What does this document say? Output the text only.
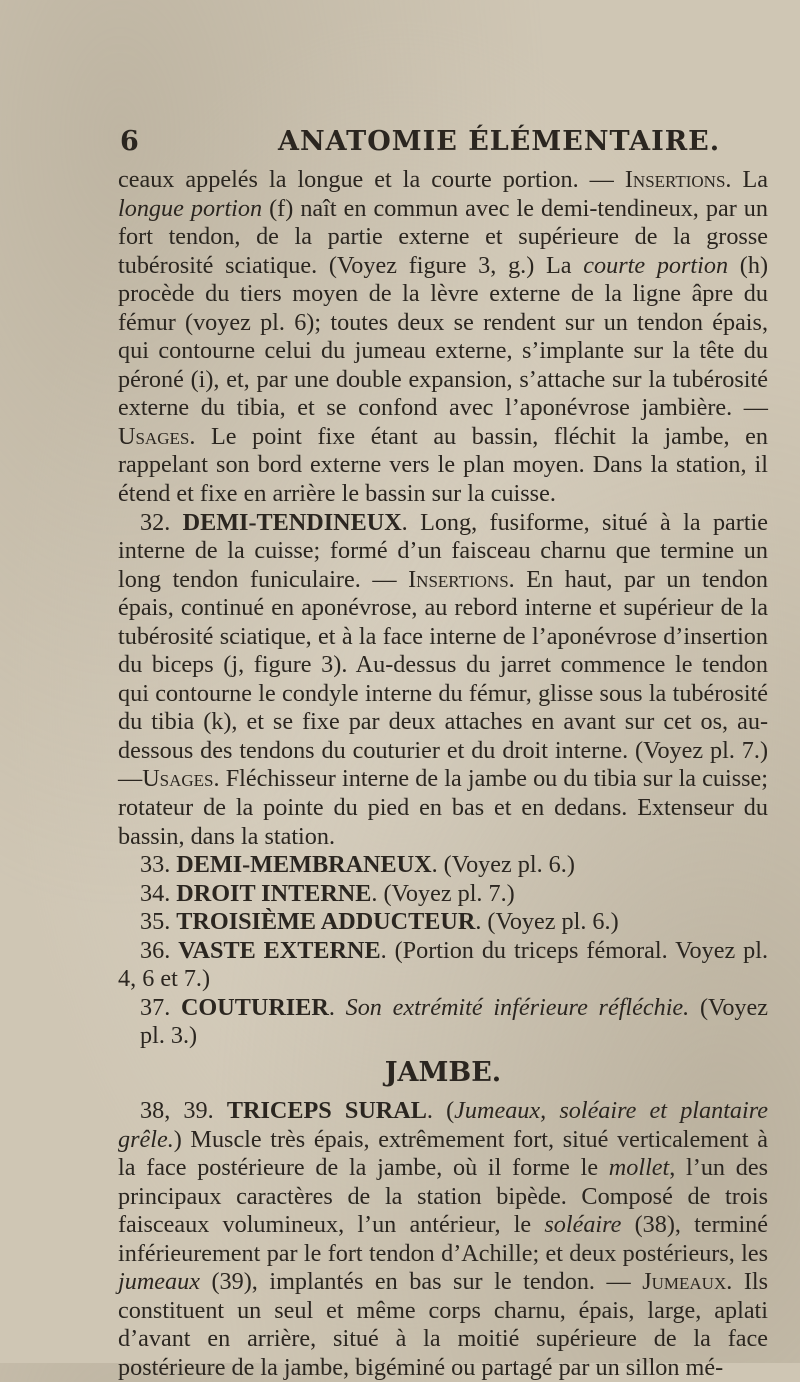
6	ANATOMIE ÉLÉMENTAIRE.

ceaux appelés la longue et la courte portion. — Insertions. La longue portion (f) naît en commun avec le demi-tendineux, par un fort tendon, de la partie externe et supérieure de la grosse tubérosité sciatique. (Voyez figure 3, g.) La courte portion (h) procède du tiers moyen de la lèvre externe de la ligne âpre du fémur (voyez pl. 6); toutes deux se rendent sur un tendon épais, qui contourne celui du jumeau externe, s’implante sur la tête du péroné (i), et, par une double expansion, s’attache sur la tubérosité externe du tibia, et se confond avec l’aponévrose jambière. — Usages. Le point fixe étant au bassin, fléchit la jambe, en rappelant son bord externe vers le plan moyen. Dans la station, il étend et fixe en arrière le bassin sur la cuisse.

32. DEMI-TENDINEUX. Long, fusiforme, situé à la partie interne de la cuisse; formé d’un faisceau charnu que termine un long tendon funiculaire. — Insertions. En haut, par un tendon épais, continué en aponévrose, au rebord interne et supérieur de la tubérosité sciatique, et à la face interne de l’aponévrose d’insertion du biceps (j, figure 3). Au-dessus du jarret commence le tendon qui contourne le condyle interne du fémur, glisse sous la tubérosité du tibia (k), et se fixe par deux attaches en avant sur cet os, au-dessous des tendons du couturier et du droit interne. (Voyez pl. 7.) —Usages. Fléchisseur interne de la jambe ou du tibia sur la cuisse; rotateur de la pointe du pied en bas et en dedans. Extenseur du bassin, dans la station.

33. DEMI-MEMBRANEUX. (Voyez pl. 6.)

34. DROIT INTERNE. (Voyez pl. 7.)

35. TROISIÈME ADDUCTEUR. (Voyez pl. 6.)

36. VASTE EXTERNE. (Portion du triceps fémoral. Voyez pl. 4, 6 et 7.)

37. COUTURIER. Son extrémité inférieure réfléchie. (Voyez pl. 3.)

JAMBE.

38, 39. TRICEPS SURAL. (Jumeaux, soléaire et plantaire grêle.) Muscle très épais, extrêmement fort, situé verticalement à la face postérieure de la jambe, où il forme le mollet, l’un des principaux caractères de la station bipède. Composé de trois faisceaux volumineux, l’un antérieur, le soléaire (38), terminé inférieurement par le fort tendon d’Achille; et deux postérieurs, les jumeaux (39), implantés en bas sur le tendon. — Jumeaux. Ils constituent un seul et même corps charnu, épais, large, aplati d’avant en arrière, situé à la moitié supérieure de la face postérieure de la jambe, bigéminé ou partagé par un sillon mé-
